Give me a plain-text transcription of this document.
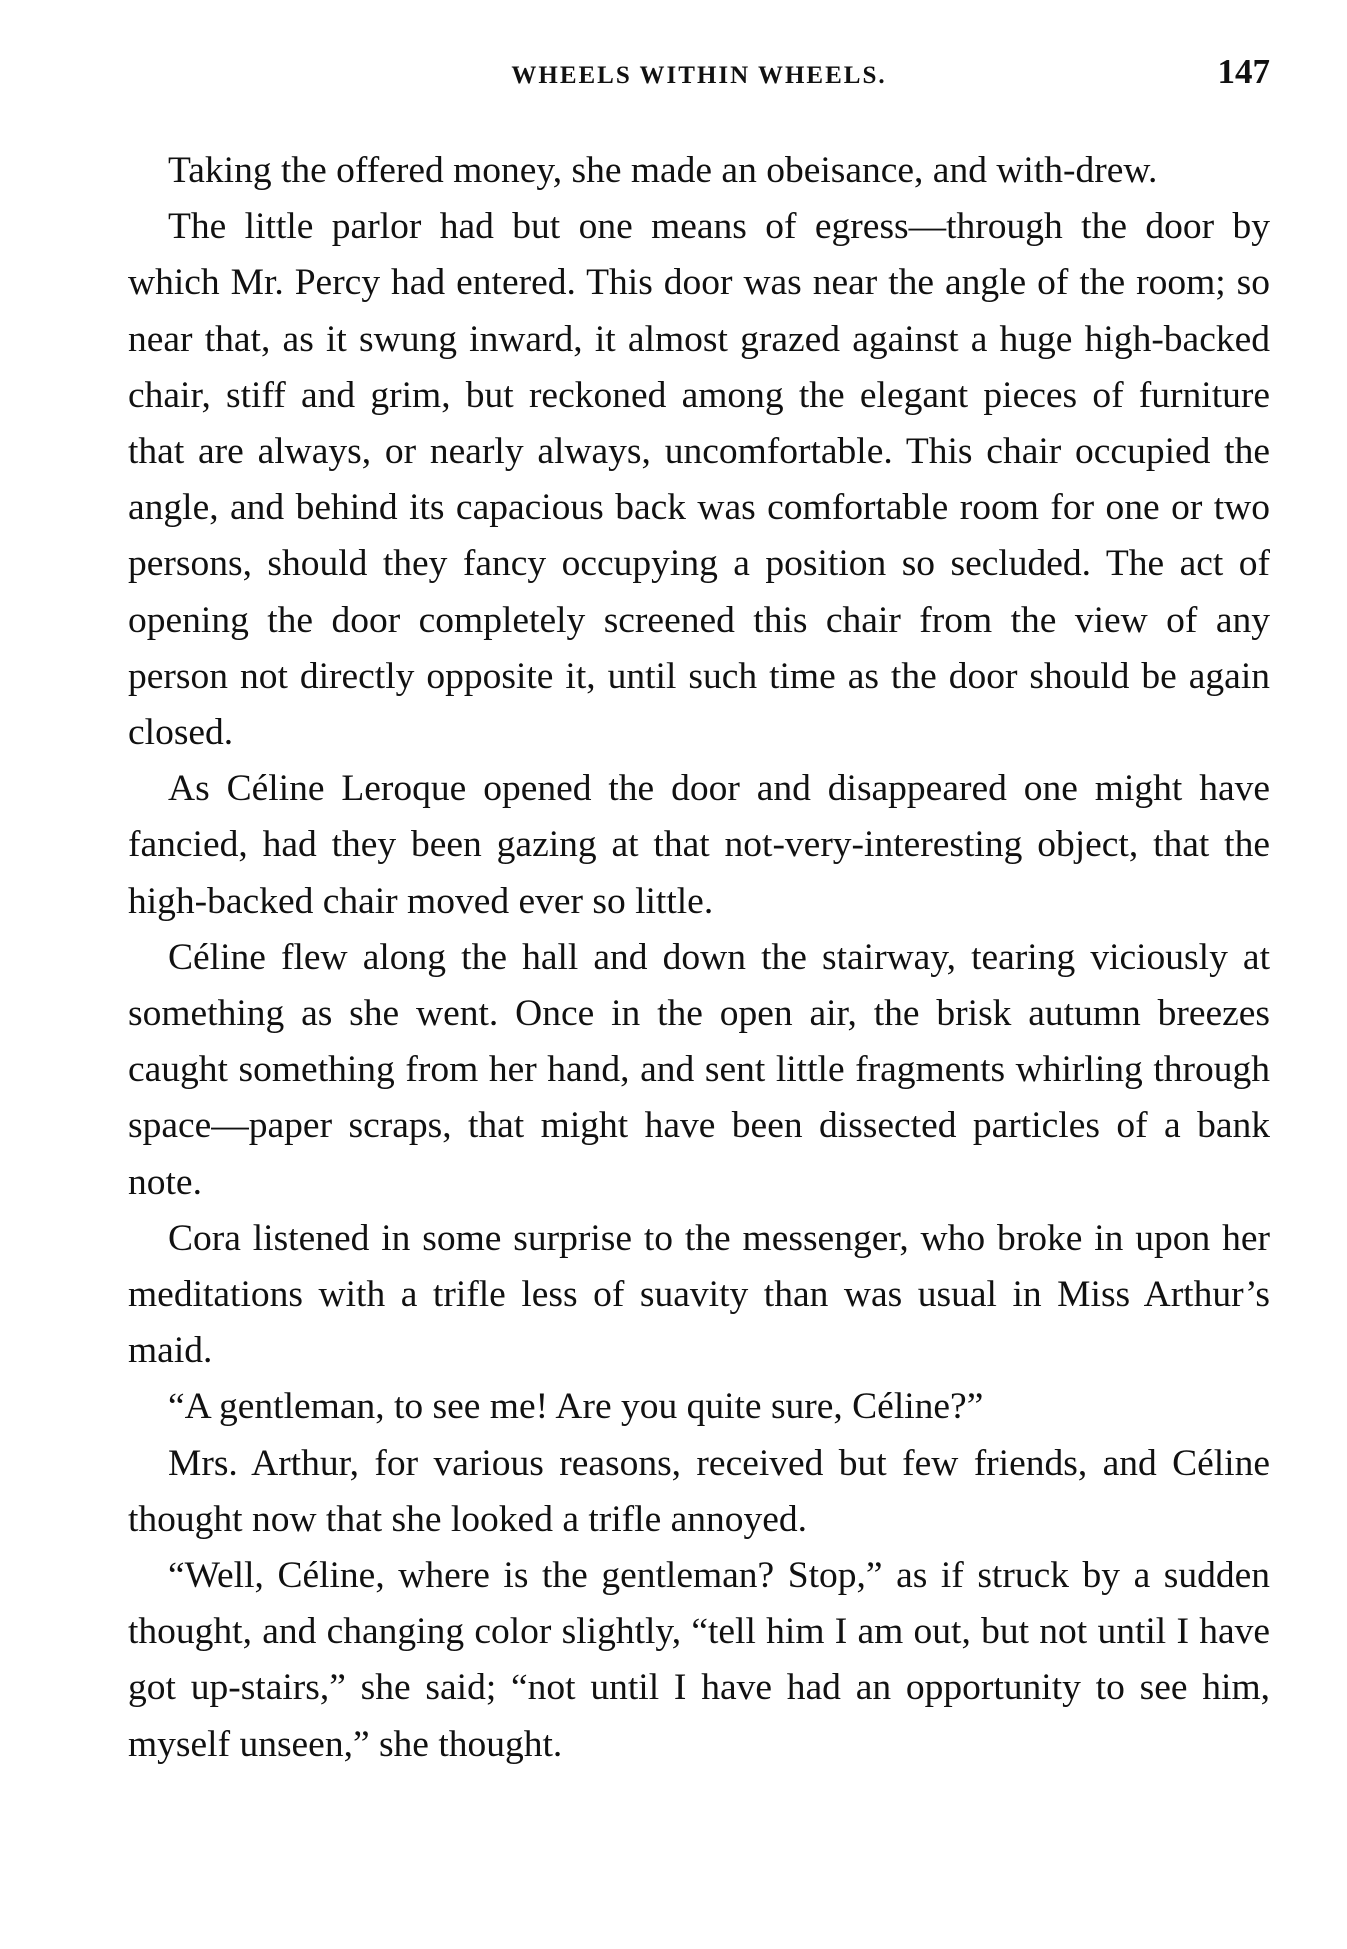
WHEELS WITHIN WHEELS.	147

Taking the offered money, she made an obeisance, and with-drew.

The little parlor had but one means of egress—through the door by which Mr. Percy had entered. This door was near the angle of the room; so near that, as it swung inward, it almost grazed against a huge high-backed chair, stiff and grim, but reckoned among the elegant pieces of furniture that are always, or nearly always, uncomfortable. This chair occupied the angle, and behind its capacious back was comfortable room for one or two persons, should they fancy occupying a position so secluded. The act of opening the door completely screened this chair from the view of any person not directly opposite it, until such time as the door should be again closed.

As Céline Leroque opened the door and disappeared one might have fancied, had they been gazing at that not-very-interesting object, that the high-backed chair moved ever so little.

Céline flew along the hall and down the stairway, tearing viciously at something as she went. Once in the open air, the brisk autumn breezes caught something from her hand, and sent little fragments whirling through space—paper scraps, that might have been dissected particles of a bank note.

Cora listened in some surprise to the messenger, who broke in upon her meditations with a trifle less of suavity than was usual in Miss Arthur’s maid.

“A gentleman, to see me! Are you quite sure, Céline?”

Mrs. Arthur, for various reasons, received but few friends, and Céline thought now that she looked a trifle annoyed.

“Well, Céline, where is the gentleman? Stop,” as if struck by a sudden thought, and changing color slightly, “tell him I am out, but not until I have got up-stairs,” she said; “not until I have had an opportunity to see him, myself unseen,” she thought.
